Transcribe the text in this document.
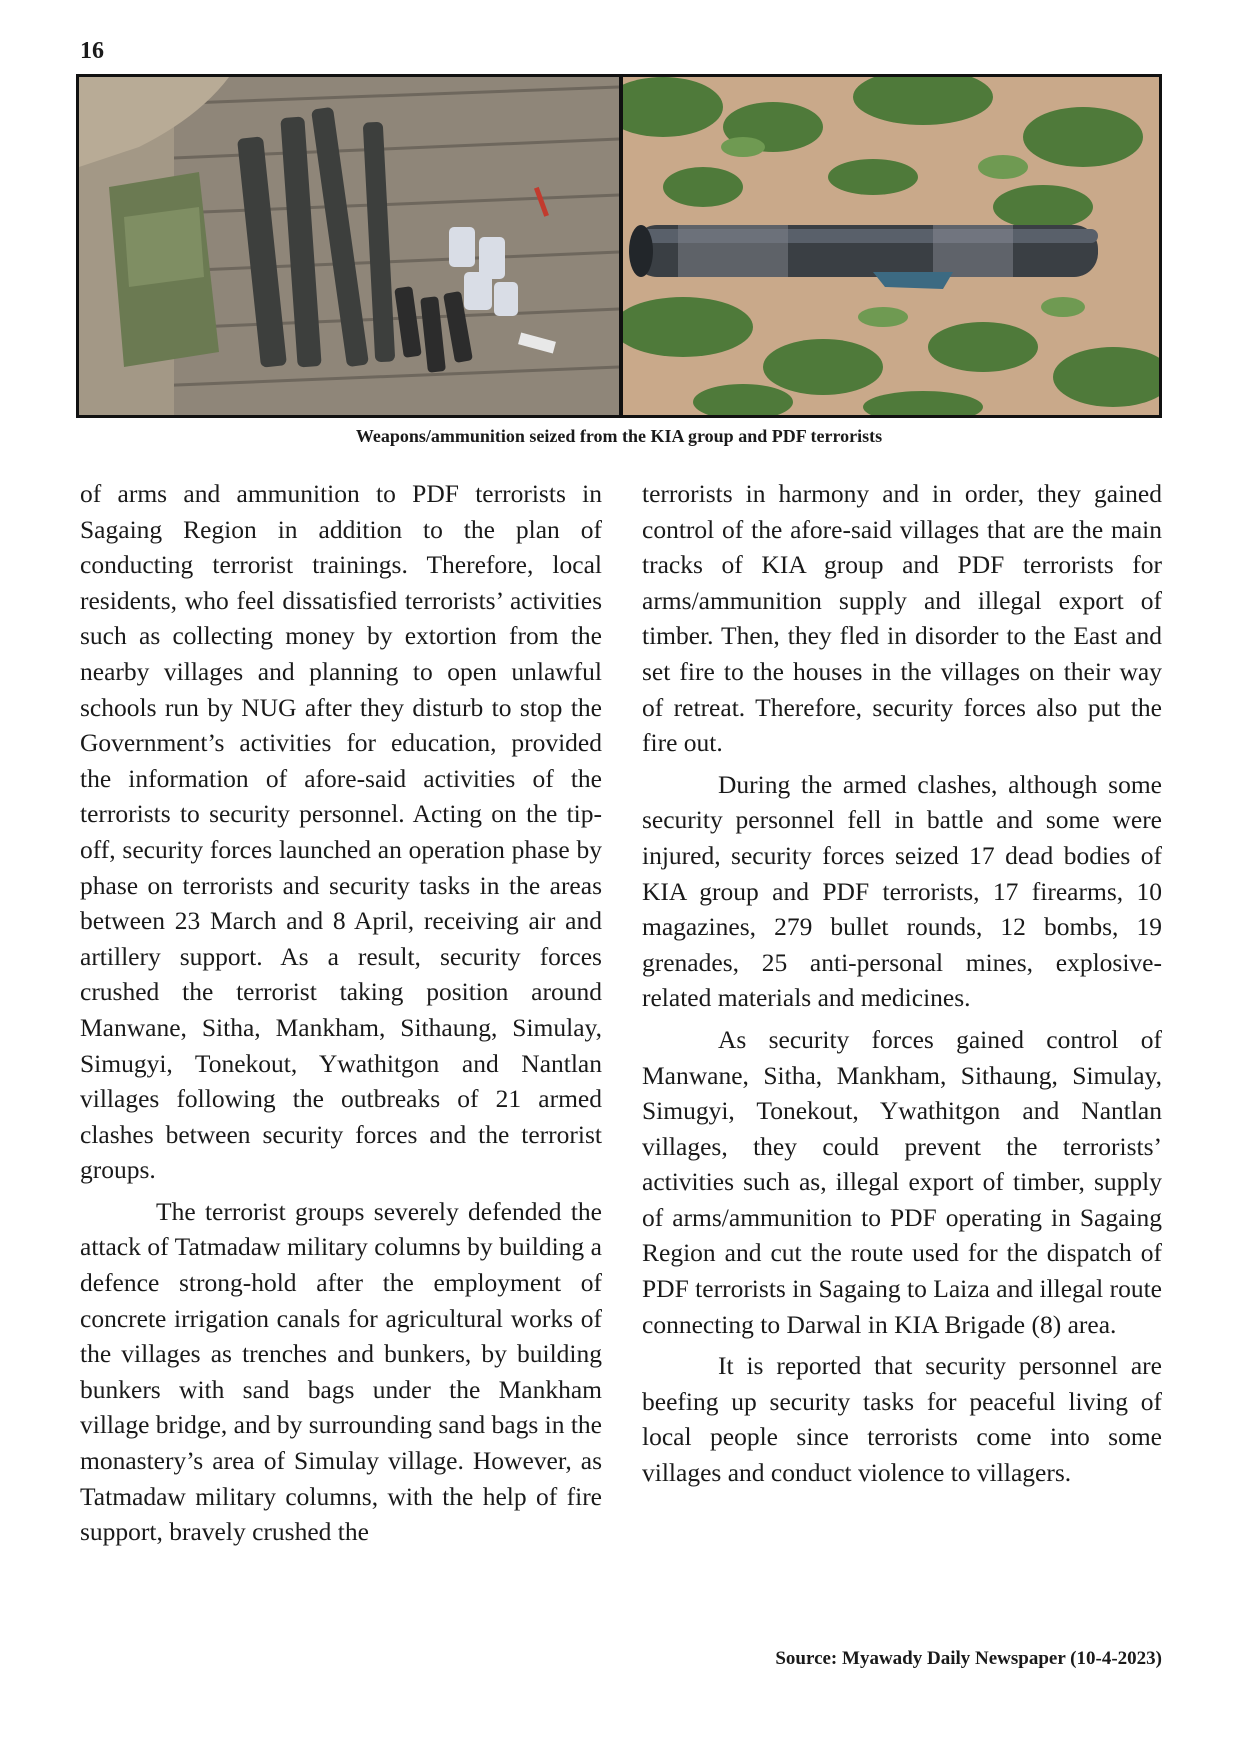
16
Weapons/ammunition seized from the KIA group and PDF terrorists

of arms and ammunition to PDF terrorists in Sagaing Region in addition to the plan of conducting terrorist trainings. Therefore, local residents, who feel dissatisfied terrorists’ activities such as collecting money by extortion from the nearby villages and planning to open unlawful schools run by NUG after they disturb to stop the Government’s activities for education, provided the information of afore-said activities of the terrorists to security personnel. Acting on the tip-off, security forces launched an operation phase by phase on terrorists and security tasks in the areas between 23 March and 8 April, receiving air and artillery support. As a result, security forces crushed the terrorist taking position around Manwane, Sitha, Mankham, Sithaung, Simulay, Simugyi, Tonekout, Ywathitgon and Nantlan villages following the outbreaks of 21 armed clashes between security forces and the terrorist groups.

The terrorist groups severely defended the attack of Tatmadaw military columns by building a defence strong-hold after the employment of concrete irrigation canals for agricultural works of the villages as trenches and bunkers, by building bunkers with sand bags under the Mankham village bridge, and by surrounding sand bags in the monastery’s area of Simulay village. However, as Tatmadaw military columns, with the help of fire support, bravely crushed the

terrorists in harmony and in order, they gained control of the afore-said villages that are the main tracks of KIA group and PDF terrorists for arms/ammunition supply and illegal export of timber. Then, they fled in disorder to the East and set fire to the houses in the villages on their way of retreat. Therefore, security forces also put the fire out.

During the armed clashes, although some security personnel fell in battle and some were injured, security forces seized 17 dead bodies of KIA group and PDF terrorists, 17 firearms, 10 magazines, 279 bullet rounds, 12 bombs, 19 grenades, 25 anti-personal mines, explosive-related materials and medicines.

As security forces gained control of Manwane, Sitha, Mankham, Sithaung, Simulay, Simugyi, Tonekout, Ywathitgon and Nantlan villages, they could prevent the terrorists’ activities such as, illegal export of timber, supply of arms/ammunition to PDF operating in Sagaing Region and cut the route used for the dispatch of PDF terrorists in Sagaing to Laiza and illegal route connecting to Darwal in KIA Brigade (8) area.

It is reported that security personnel are beefing up security tasks for peaceful living of local people since terrorists come into some villages and conduct violence to villagers.

Source: Myawady Daily Newspaper (10-4-2023)
